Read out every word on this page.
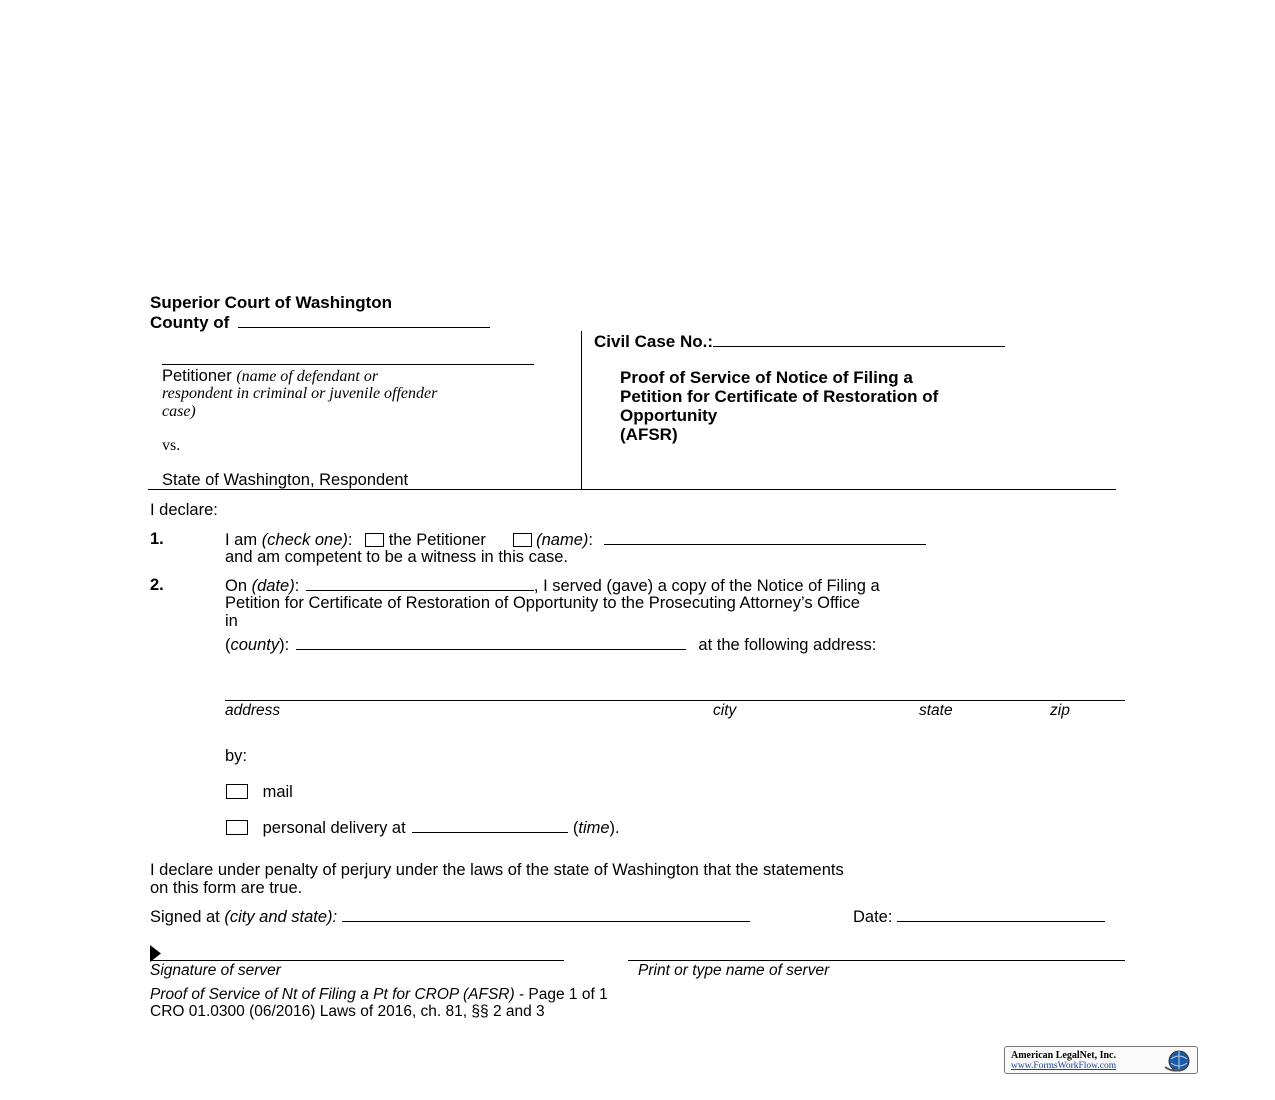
Superior Court of Washington
County of
Petitioner (name of defendant or
respondent in criminal or juvenile offender
case)
vs.
State of Washington, Respondent
Civil Case No.:
Proof of Service of Notice of Filing a
Petition for Certificate of Restoration of
Opportunity
(AFSR)
I declare:
1.	I am (check one): the Petitioner	(name):
and am competent to be a witness in this case.
2.	On (date):	, I served (gave) a copy of the Notice of Filing a
Petition for Certificate of Restoration of Opportunity to the Prosecuting Attorney’s Office
in
(county):	at the following address:
address	city	state	zip
by:
mail
personal delivery at	(time).
I declare under penalty of perjury under the laws of the state of Washington that the statements
on this form are true.
Signed at (city and state):	Date:
Signature of server	Print or type name of server
Proof of Service of Nt of Filing a Pt for CROP (AFSR) - Page 1 of 1
CRO 01.0300 (06/2016) Laws of 2016, ch. 81, §§ 2 and 3
American LegalNet, Inc.
www.FormsWorkFlow.com
